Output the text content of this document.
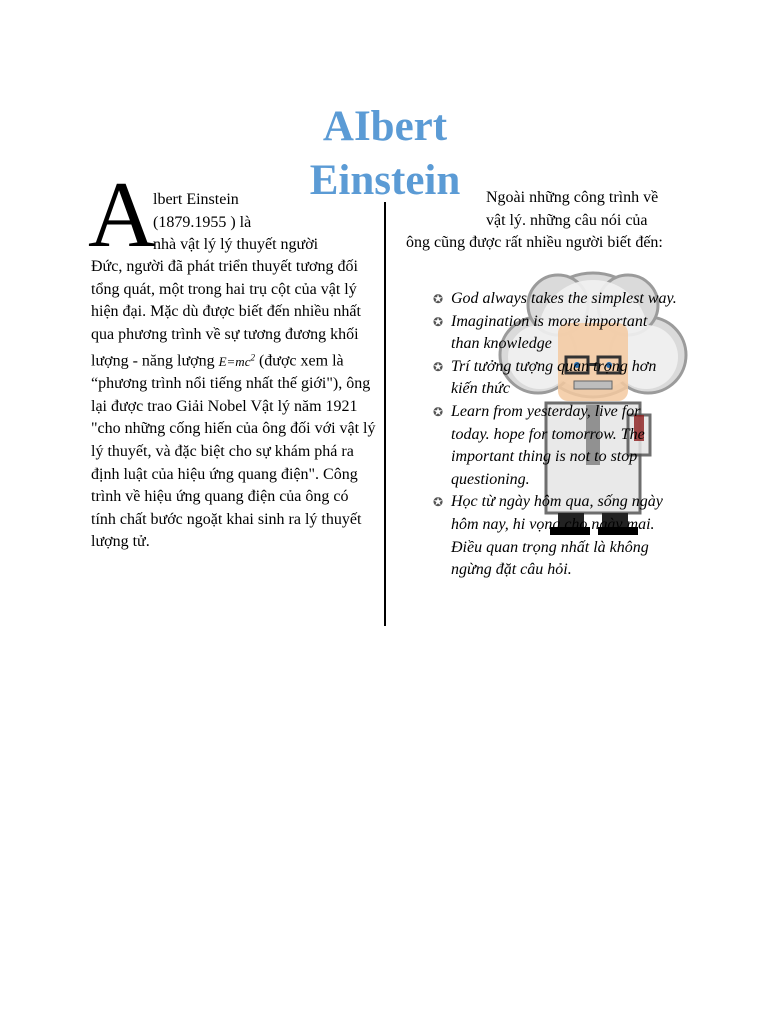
AIbert
Einstein
A
lbert Einstein
(1879.1955 ) là
nhà vật lý lý thuyết người
Đức, người đã phát triển thuyết tương đối tổng quát, một trong hai trụ cột của vật lý hiện đại. Mặc dù được biết đến nhiều nhất qua phương trình về sự tương đương khối lượng - năng lượng $E=mc^2$ (được xem là “phương trình nổi tiếng nhất thế giới"), ông lại được trao Giải Nobel Vật lý năm 1921 "cho những cống hiến của ông đối với vật lý lý thuyết, và đặc biệt cho sự khám phá ra định luật của hiệu ứng quang điện". Công trình về hiệu ứng quang điện của ông có tính chất bước ngoặt khai sinh ra lý thuyết lượng tử.
Ngoài những công trình về
vật lý. những câu nói của
ông cũng được rất nhiều người biết đến:
✪ God always takes the simplest way.
✪ Imagination is more important than knowledge
✪ Trí tưởng tượng quan trọng hơn kiến thức
✪ Learn from yesterday, live for today. hope for tomorrow. The important thing is not to stop questioning.
✪ Học từ ngày hôm qua, sống ngày hôm nay, hi vọng cho ngày mai. Điều quan trọng nhất là không ngừng đặt câu hỏi.
